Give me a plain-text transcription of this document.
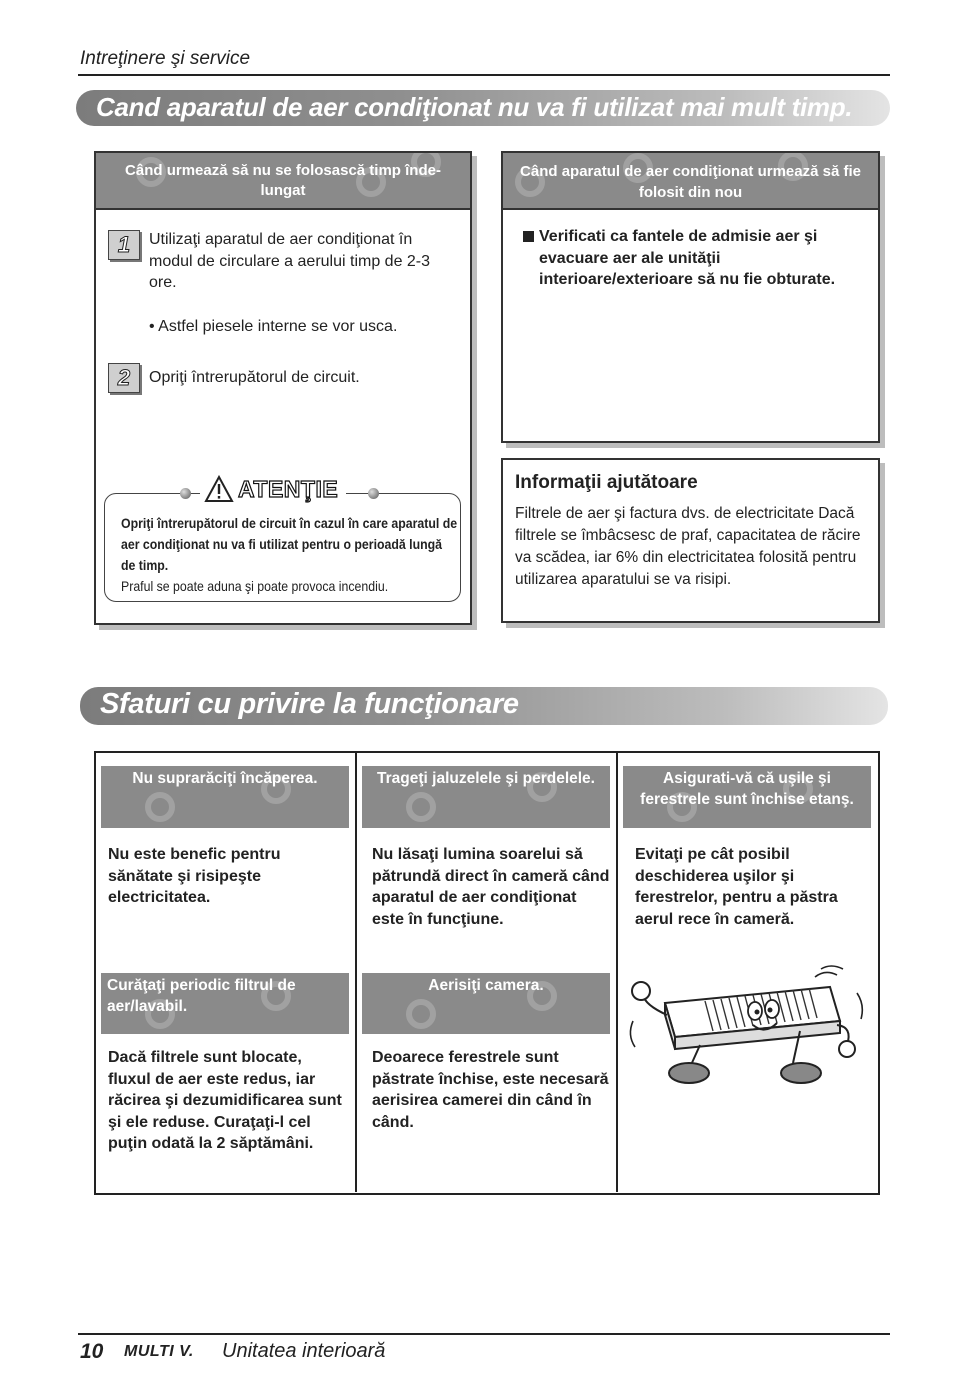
Intreţinere şi service
Cand aparatul de aer condiţionat nu va fi utilizat mai mult timp.
Când urmează să nu se folosască timp înde-lungat
1	Utilizaţi aparatul de aer condiţionat în modul de circulare a aerului timp de 2-3 ore.
• Astfel piesele interne se vor usca.
2	Opriţi întrerupătorul de circuit.
Opriţi întrerupătorul de circuit în cazul în care aparatul de aer condiţionat nu va fi utilizat pentru o perioadă lungă de timp.
Praful se poate aduna şi poate provoca incendiu.
ATENŢIE
Când aparatul de aer condiţionat urmează să fie folosit din nou
Verificati ca fantele de admisie aer şi evacuare aer ale unităţii interioare/exterioare să nu fie obturate.
Informaţii ajutătoare
Filtrele de aer şi factura dvs. de electricitate Dacă filtrele se îmbâcsesc de praf, capacitatea de răcire va scădea, iar 6% din electricitatea folosită pentru utilizarea aparatului se va risipi.
Sfaturi cu privire la funcţionare
Nu suprarăciţi încăperea.
Nu este benefic pentru sănătate şi risipeşte electricitatea.
Trageţi jaluzelele şi perdelele.
Nu lăsaţi lumina soarelui să pătrundă direct în cameră când aparatul de aer condiţionat este în funcţiune.
Asigurati-vă că uşile şi ferestrele sunt închise etanş.
Evitaţi pe cât posibil deschiderea uşilor şi ferestrelor, pentru a păstra aerul rece în cameră.
Curăţaţi periodic filtrul de aer/lavabil.
Dacă filtrele sunt blocate, fluxul de aer este redus, iar răcirea şi dezumidificarea sunt şi ele reduse. Curaţaţi-l cel puţin odată la 2 săptămâni.
Aerisiţi camera.
Deoarece ferestrele sunt păstrate închise, este necesară aerisirea camerei din când în când.
10 MULTI V. Unitatea interioară
